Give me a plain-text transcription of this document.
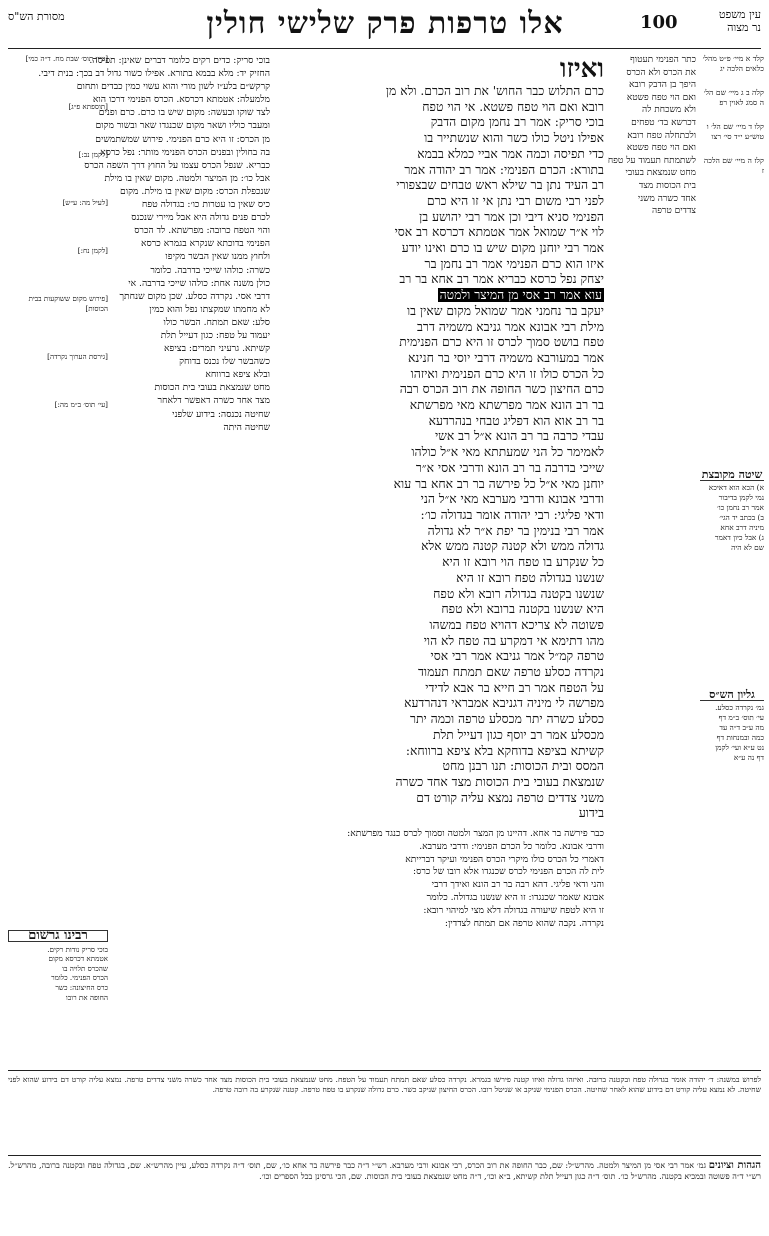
מסורת הש"ס	אלו טרפות פרק שלישי חולין	100	עין משפט
נר מצוה
קלד א מיי׳ פ״ט מהל׳ כלאים הלכה יג
קלה ב ג מיי׳ שם הל׳ ה סמג לאוין רפ
קלו ד מיי׳ שם הל׳ ו טוש״ע י״ד סי׳ רצו
קלז ה מיי׳ שם הלכה ז
כתר הפנימי תעטוף
את הכרס ולא הכרס
היפך בן הדבק רובא
ואם הוי טפח פשטא
ולא משכחת לה
דכרשא בד׳ טפחים
ולכתחלה טפח רובא
ואם הוי טפח פשטא
לשתמתח תעמוד על טפח
מחט שנמצאת בעובי
בית הכוסות מצד
אחד כשרה משני
צדדים טרפה
שיטה מקובצת
א) הכא הוא דאיכא
נמי לקמן בדיבור
אמר רב נחמן כו׳
ב) בכתב יד הגי׳
מיניה דרב אחא
ג) אבל כיון דאמר
שם לא היה
גליון הש״ס
גמ׳ נקרדה כסלע.
עי׳ תוס׳ ב״מ דף
מה ע״ב ד״ה עד
כמה ובמנחות דף
נט ע״א ועי׳ לקמן
דף נה ע״א
ואיזו
כרם התלוש כבר החוש' את רוב הכרם. ולא מן
רובא ואם הוי טפח פשטא. אי הוי טפח
בוכי סריק: אמר רב נחמן מקום הדבק
אפילו ניטל כולו כשר והוא שנשתייר בו
כדי תפיסה וכמה אמר אביי כמלא בבמא
בתורא: הכרם הפנימי: אמר רב יהודה אמר
רב העיד נתן בר שילא ראש טבחים שבצפורי
לפני רבי משום רבי נתן אי זו היא כרם
הפנימי סניא דיבי וכן אמר רבי יהושע בן
לוי א״ר שמואל אמר אטמתא דכרסא רב אסי
אמר רבי יוחנן מקום שיש בו כרם ואינו יודע
איזו הוא כרם הפנימי אמר רב נחמן בר
יצחק נפל כרסא כבריא אמר רב אחא בר רב
עוא אמר רב אסי מן המיצר ולמטה
יעקב בר נחמני אמר שמואל מקום שאין בו
מילת רבי אבונא אמר גניבא משמיה דרב
טפח בושט סמוך לכרס זו היא כרם הפנימית
אמר במעורבא משמיה דרבי יוסי בר חנינא
כל הכרס כולו זו היא כרם הפנימית ואיזהו
כרם החיצון כשר החופה את רוב הכרס רבה
בר רב הונא אמר מפרשתא מאי מפרשתא
בר רב אוא הוא דפליג טבחי בנהרדעא
עבדי כרבה בר רב הונא א״ל רב אשי
לאמימר כל הני שמעתתא מאי א״ל כולהו
שייכי בדרבה בר רב הונא ודרבי אסי א״ר
יוחנן מאי א״ל כל פירשה בר רב אחא בר עוא
ודרבי אבונא ודרבי מערבא מאי א״ל הני
ודאי פליגי: רבי יהודה אומר בגדולה כו׳:
אמר רבי בנימין בר יפת א״ר לא גדולה
גדולה ממש ולא קטנה קטנה ממש אלא
כל שנקרע בו טפח הוי רובא זו היא
שנשנו בגדולה טפח רובא זו היא
שנשנו בקטנה בגדולה רובא ולא טפח
היא שנשנו בקטנה ברובא ולא טפח
פשוטה לא צריכא דהויא טפח במשהו
מהו דתימא אי דמקרע בה טפח לא הוי
טרפה קמ״ל אמר גניבא אמר רבי אסי
נקרדה כסלע טרפה שאם תמתח תעמוד
על הטפח אמר רב חייא בר אבא לדידי
מפרשה לי מיניה דגניבא אמבראי דנהרדעא
כסלע כשרה יתר מכסלע טרפה וכמה יתר
מכסלע אמר רב יוסף כגון דעייל תלת
קשיתא בציפא בדוחקא בלא ציפא ברווחא:
המסס ובית הכוסות: תנו רבנן מחט
שנמצאת בעובי בית הכוסות מצד אחד כשרה
משני צדדים טרפה נמצא עליה קורט דם
בידוע
כבר פירשה בר אחא. דהיינו מן המצר ולמטה וסמוך לכרס כנגד מפרשתא:
ודרבי אבונא. כלומר כל הכרם הפנימי: ודרבי מערבא.
דאמרי כל הכרס כולו מיקרי הכרס הפנימי ועיקר דברייתא
לית לה הכרם הפנימי לכרס שכנגדו אלא רובו של כרס:
והני ודאי פליגי. דהא רבה בר רב הונא ואידך דרבי
אבונא שאמר שכנגדו: זו היא שנשנו בגדולה. כלומר
זו היא לטפח שיעורה בגדולה דלא מצי למיהוי רובא:
נקרדה. נקבה שהוא טרפה אם תמתח לצדדין:
בוכי סריק: כדים רקים כלומר דברים שאינן: תפיסה.
החזיק יד: מלא בבמא בתורא. אפילו כשור גדול דב בכך: בנית דיבי.
קרקש״ם בלע״ז לשון מורי והוא עשוי כמין כבדים ותחום
מלמעלה: אטמתא דכרסא. הכרס הפנימי דרכו הוא
לצד שוקו ובעשה: מקום שיש בו כרם. כרם ופנים
ומעבר כוליו ושאר מקום שכנגדו שאר ובשור מקום
מן הכרס: זו היא כרם הפנימי. פירוש שמשתמשים
בה בחולין ובפנים הכרס הפנימי מותר: נפל כרסא
כבריא. שנפל הכרס עצמו על החוץ דרך השפה הכרס
אבל כו׳: מן המיצר ולמטה. מקום שאין בו מילת
שנכפלת הכרס: מקום שאין בו מילת. מקום
כיס שאין בו עטרות כו׳: בגדולה טפח
לכרם פנים גדולה היא אבל מיירי שנכנס
והוי הטפח כרובה: מפרשתא. לד הכרס
הפנימי בדוכתא שנקרא בגמרא כרסא
ולחוץ ממנו שאין הבשר מקיפו
כשרה: כולהו שייכי בדרבה. כלומר
כולן משנה אחת: כולהו שייכי בדרבה. אי
דרבי אסי. נקרדה כסלע. שכן מקום שנחתך
לא מחמתו שמקצתו נפל והוא כמין
סלע: שאם תמתח. הבשר כולו
יעמוד על טפח: כגון דעייל תלת
קשיתא. גרעיני תמרים: בציפא
כשהבשר שלו נכנס בדוחק
ובלא ציפא ברווחא
מחט שנמצאת בעובי בית הכוסות
מצד אחד כשרה דאפשר דלאחר
שחיטה נכנסה: בידוע שלפני
שחיטה היתה
[עיין תוס׳ שבת מח. ד״ה כמי]
[תוספתא פ״ג]
[לקמן נב:]
[לעיל מה: ע״ש]
[לקמן נח:]
[פירוש מקום ששוקעות בבית הכוסות]
[גירסת הערוך נקרדה]
[עי׳ תוס׳ ב״מ מה:]
רבינו גרשום
בוכי סריק נודות רקים.
אטמתא דכרסא מקום
שהכרס תלויה בו
הכרס הפנימי. כלומר
כרס החיצונה: כשר
החופה את רובו
לפרוש במשנה: ד׳ יהודה אומר בגדולה טפח ובקטנה ברובה. ואיזהו גדולה ואיזו קטנה פירשו בגמרא. נקרדה כסלע שאם תמתח תעמוד על הטפח. מחט שנמצאת בעובי בית הכוסות מצד אחד כשרה משני צדדים טרפה. נמצא עליה קורט דם בידוע שהוא לפני שחיטה. לא נמצא עליה קורט דם בידוע שהוא לאחר שחיטה. הכרס הפנימי שניקב או שניטל רובו. הכרס החיצון שניקב כשר. כרם גדולה שנקרע בו טפח טרפה. קטנה שנקרע בה רובה טרפה.
הגהות וציונים גמ׳ אמר רבי אסי מן המיצר ולמטה. מהרש״ל: שם, כבר החופה את רוב הכרס, רבי אבונא ורבי מערבא. רש״י ד״ה כבר פירשה בר אחא כו׳, שם, תוס׳ ד״ה נקרדה כסלע, עיין מהרש״א. שם, בגדולה טפח ובקטנה ברובה, מהרש״ל. רש״י ד״ה פשוטה ובמכיא בקטנה. מהרש״ל כו׳. תוס׳ ד״ה כגון דעייל תלת קשיתא, ב״א וכו׳, ד״ה מחט שנמצאת בעובי בית הכוסות. שם, הכי גרסינן בכל הספרים וכו׳.
